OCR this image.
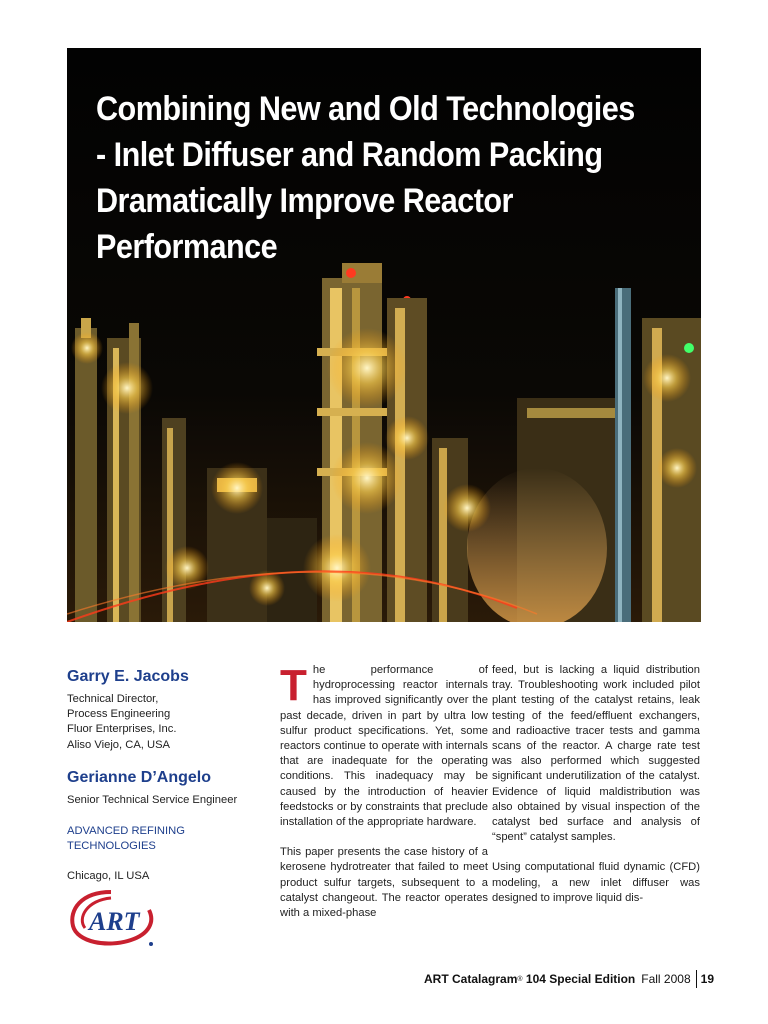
Combining New and Old Technologies - Inlet Diffuser and Random Packing Dramatically Improve Reactor Performance

Garry E. Jacobs

Technical Director,

Process Engineering

Fluor Enterprises, Inc.

Aliso Viejo, CA, USA

Gerianne D’Angelo

Senior Technical Service Engineer

ADVANCED REFINING
TECHNOLOGIES
Chicago, IL USA
ART

The performance of hydroprocessing reactor internals has improved significantly over the past decade, driven in part by ultra low sulfur product specifications. Yet, some reactors continue to operate with internals that are inadequate for the operating conditions. This inadequacy may be caused by the introduction of heavier feedstocks or by constraints that preclude installation of the appropriate hardware.

This paper presents the case history of a kerosene hydrotreater that failed to meet product sulfur targets, subsequent to a catalyst changeout. The reactor operates with a mixed-phase

feed, but is lacking a liquid distribution tray. Troubleshooting work included pilot plant testing of the catalyst retains, leak testing of the feed/effluent exchangers, and radioactive tracer tests and gamma scans of the reactor. A charge rate test was also performed which suggested significant underutilization of the catalyst. Evidence of liquid maldistribution was also obtained by visual inspection of the catalyst bed surface and analysis of “spent” catalyst samples.

Using computational fluid dynamic (CFD) modeling, a new inlet diffuser was designed to improve liquid dis-

ART Catalagram ®
104 Special Edition Fall 2008 19
